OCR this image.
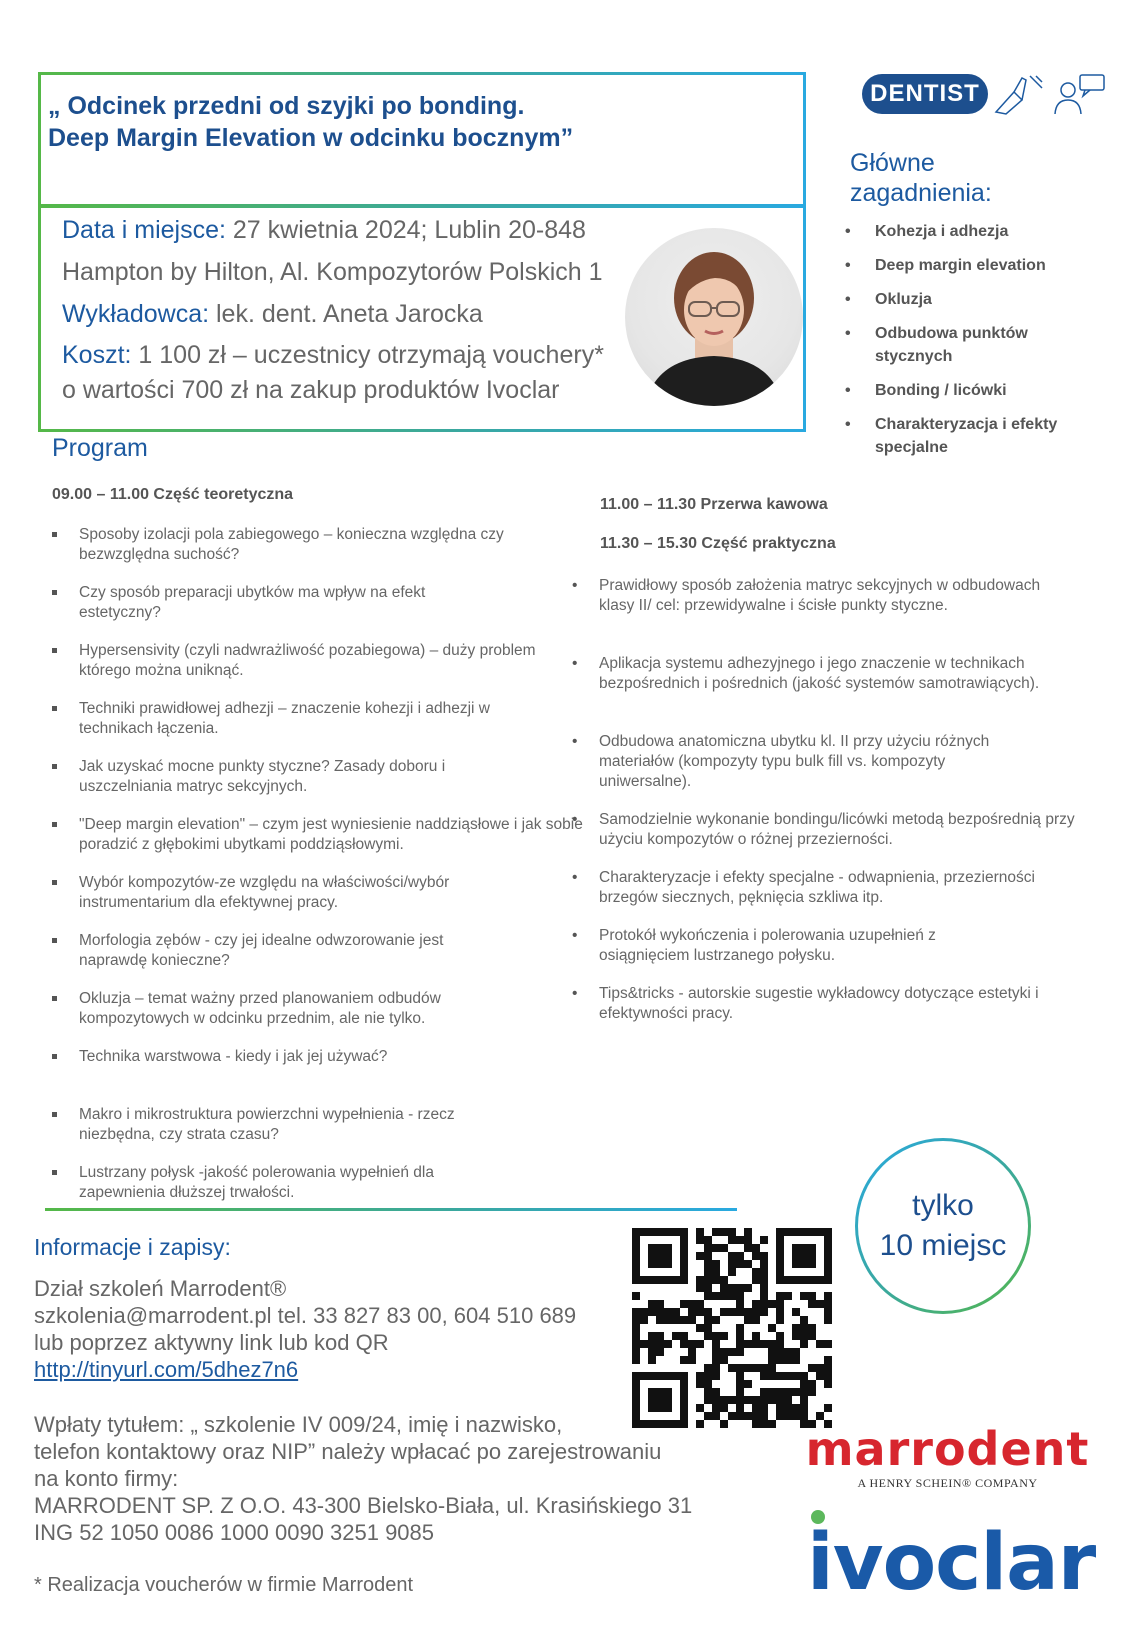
„ Odcinek przedni od szyjki po bonding.
Deep Margin Elevation w odcinku bocznym”
Data i miejsce: 27 kwietnia 2024; Lublin 20-848
Hampton by Hilton, Al. Kompozytorów Polskich 1
Wykładowca: lek. dent. Aneta Jarocka
Koszt: 1 100 zł – uczestnicy otrzymają vouchery*
o wartości 700 zł na zakup produktów Ivoclar
DENTIST
Główne
zagadnienia:
• Kohezja i adhezja
• Deep margin elevation
• Okluzja
• Odbudowa punktów stycznych
• Bonding / licówki
• Charakteryzacja i efekty specjalne
Program
09.00 – 11.00 Część teoretyczna
11.00 – 11.30 Przerwa kawowa
11.30 – 15.30 Część praktyczna
Sposoby izolacji pola zabiegowego – konieczna względna czy bezwzględna suchość?
Czy sposób preparacji ubytków ma wpływ na efekt estetyczny?
Hypersensivity (czyli nadwrażliwość pozabiegowa) – duży problem którego można uniknąć.
Techniki prawidłowej adhezji – znaczenie kohezji i adhezji w technikach łączenia.
Jak uzyskać mocne punkty styczne? Zasady doboru i uszczelniania matryc sekcyjnych.
"Deep margin elevation" – czym jest wyniesienie naddziąsłowe i jak sobie poradzić z głębokimi ubytkami poddziąsłowymi.
Wybór kompozytów-ze względu na właściwości/wybór instrumentarium dla efektywnej pracy.
Morfologia zębów - czy jej idealne odwzorowanie jest naprawdę konieczne?
Okluzja – temat ważny przed planowaniem odbudów kompozytowych w odcinku przednim, ale nie tylko.
Technika warstwowa - kiedy i jak jej używać?
Makro i mikrostruktura powierzchni wypełnienia - rzecz niezbędna, czy strata czasu?
Lustrzany połysk -jakość polerowania wypełnień dla zapewnienia dłuższej trwałości.
• Prawidłowy sposób założenia matryc sekcyjnych w odbudowach klasy II/ cel: przewidywalne i ścisłe punkty styczne.
• Aplikacja systemu adhezyjnego i jego znaczenie w technikach bezpośrednich i pośrednich (jakość systemów samotrawiących).
• Odbudowa anatomiczna ubytku kl. II przy użyciu różnych materiałów (kompozyty typu bulk fill vs. kompozyty uniwersalne).
• Samodzielnie wykonanie bondingu/licówki metodą bezpośrednią przy użyciu kompozytów o różnej przezierności.
• Charakteryzacje i efekty specjalne - odwapnienia, przezierności brzegów siecznych, pęknięcia szkliwa itp.
• Protokół wykończenia i polerowania uzupełnień z osiągnięciem lustrzanego połysku.
• Tips&tricks - autorskie sugestie wykładowcy dotyczące estetyki i efektywności pracy.
tylko
10 miejsc
Informacje i zapisy:
Dział szkoleń Marrodent®
szkolenia@marrodent.pl tel. 33 827 83 00, 604 510 689
lub poprzez aktywny link lub kod QR
http://tinyurl.com/5dhez7n6
Wpłaty tytułem: „ szkolenie IV 009/24, imię i nazwisko,
telefon kontaktowy oraz NIP” należy wpłacać po zarejestrowaniu
na konto firmy:
MARRODENT SP. Z O.O. 43-300 Bielsko-Biała, ul. Krasińskiego 31
ING 52 1050 0086 1000 0090 3251 9085
* Realizacja voucherów w firmie Marrodent
marrodent
A HENRY SCHEIN® COMPANY
ivoclar
